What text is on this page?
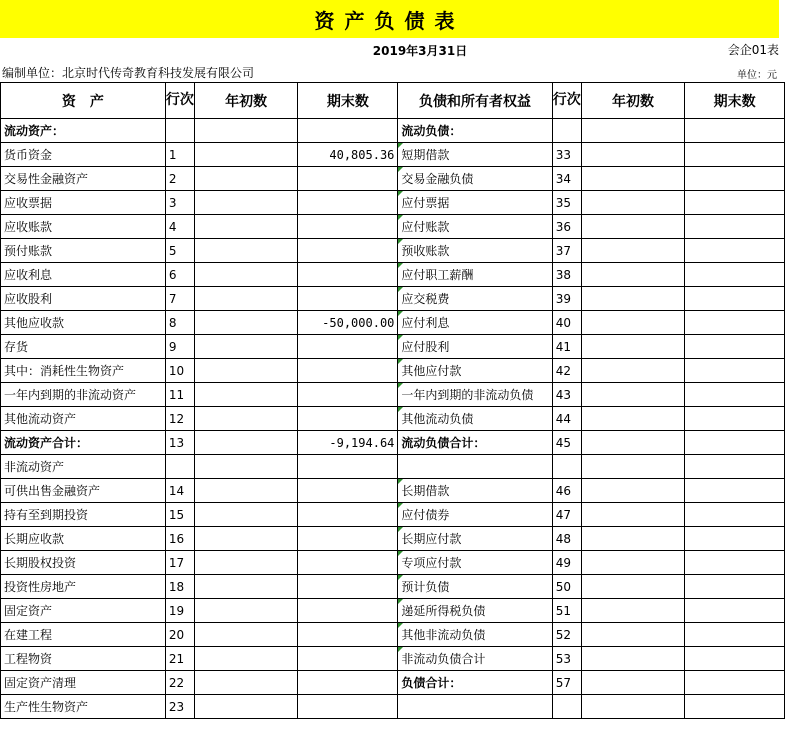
资产负债表
2019年3月31日	会企01表
编制单位：北京时代传奇教育科技发展有限公司	单位：元
资　产	行次	年初数	期末数	负债和所有者权益	行次	年初数	期末数
流动资产：				流动负债：			
货币资金	1		40,805.36	短期借款	33		
交易性金融资产	2			交易金融负债	34		
应收票据	3			应付票据	35		
应收账款	4			应付账款	36		
预付账款	5			预收账款	37		
应收利息	6			应付职工薪酬	38		
应收股利	7			应交税费	39		
其他应收款	8		-50,000.00	应付利息	40		
存货	9			应付股利	41		
其中：消耗性生物资产	10			其他应付款	42		
一年内到期的非流动资产	11			一年内到期的非流动负债	43		
其他流动资产	12			其他流动负债	44		
流动资产合计：	13		-9,194.64	流动负债合计：	45		
非流动资产							
可供出售金融资产	14			长期借款	46		
持有至到期投资	15			应付债券	47		
长期应收款	16			长期应付款	48		
长期股权投资	17			专项应付款	49		
投资性房地产	18			预计负债	50		
固定资产	19			递延所得税负债	51		
在建工程	20			其他非流动负债	52		
工程物资	21			非流动负债合计	53		
固定资产清理	22			负债合计：	57		
生产性生物资产	23						
